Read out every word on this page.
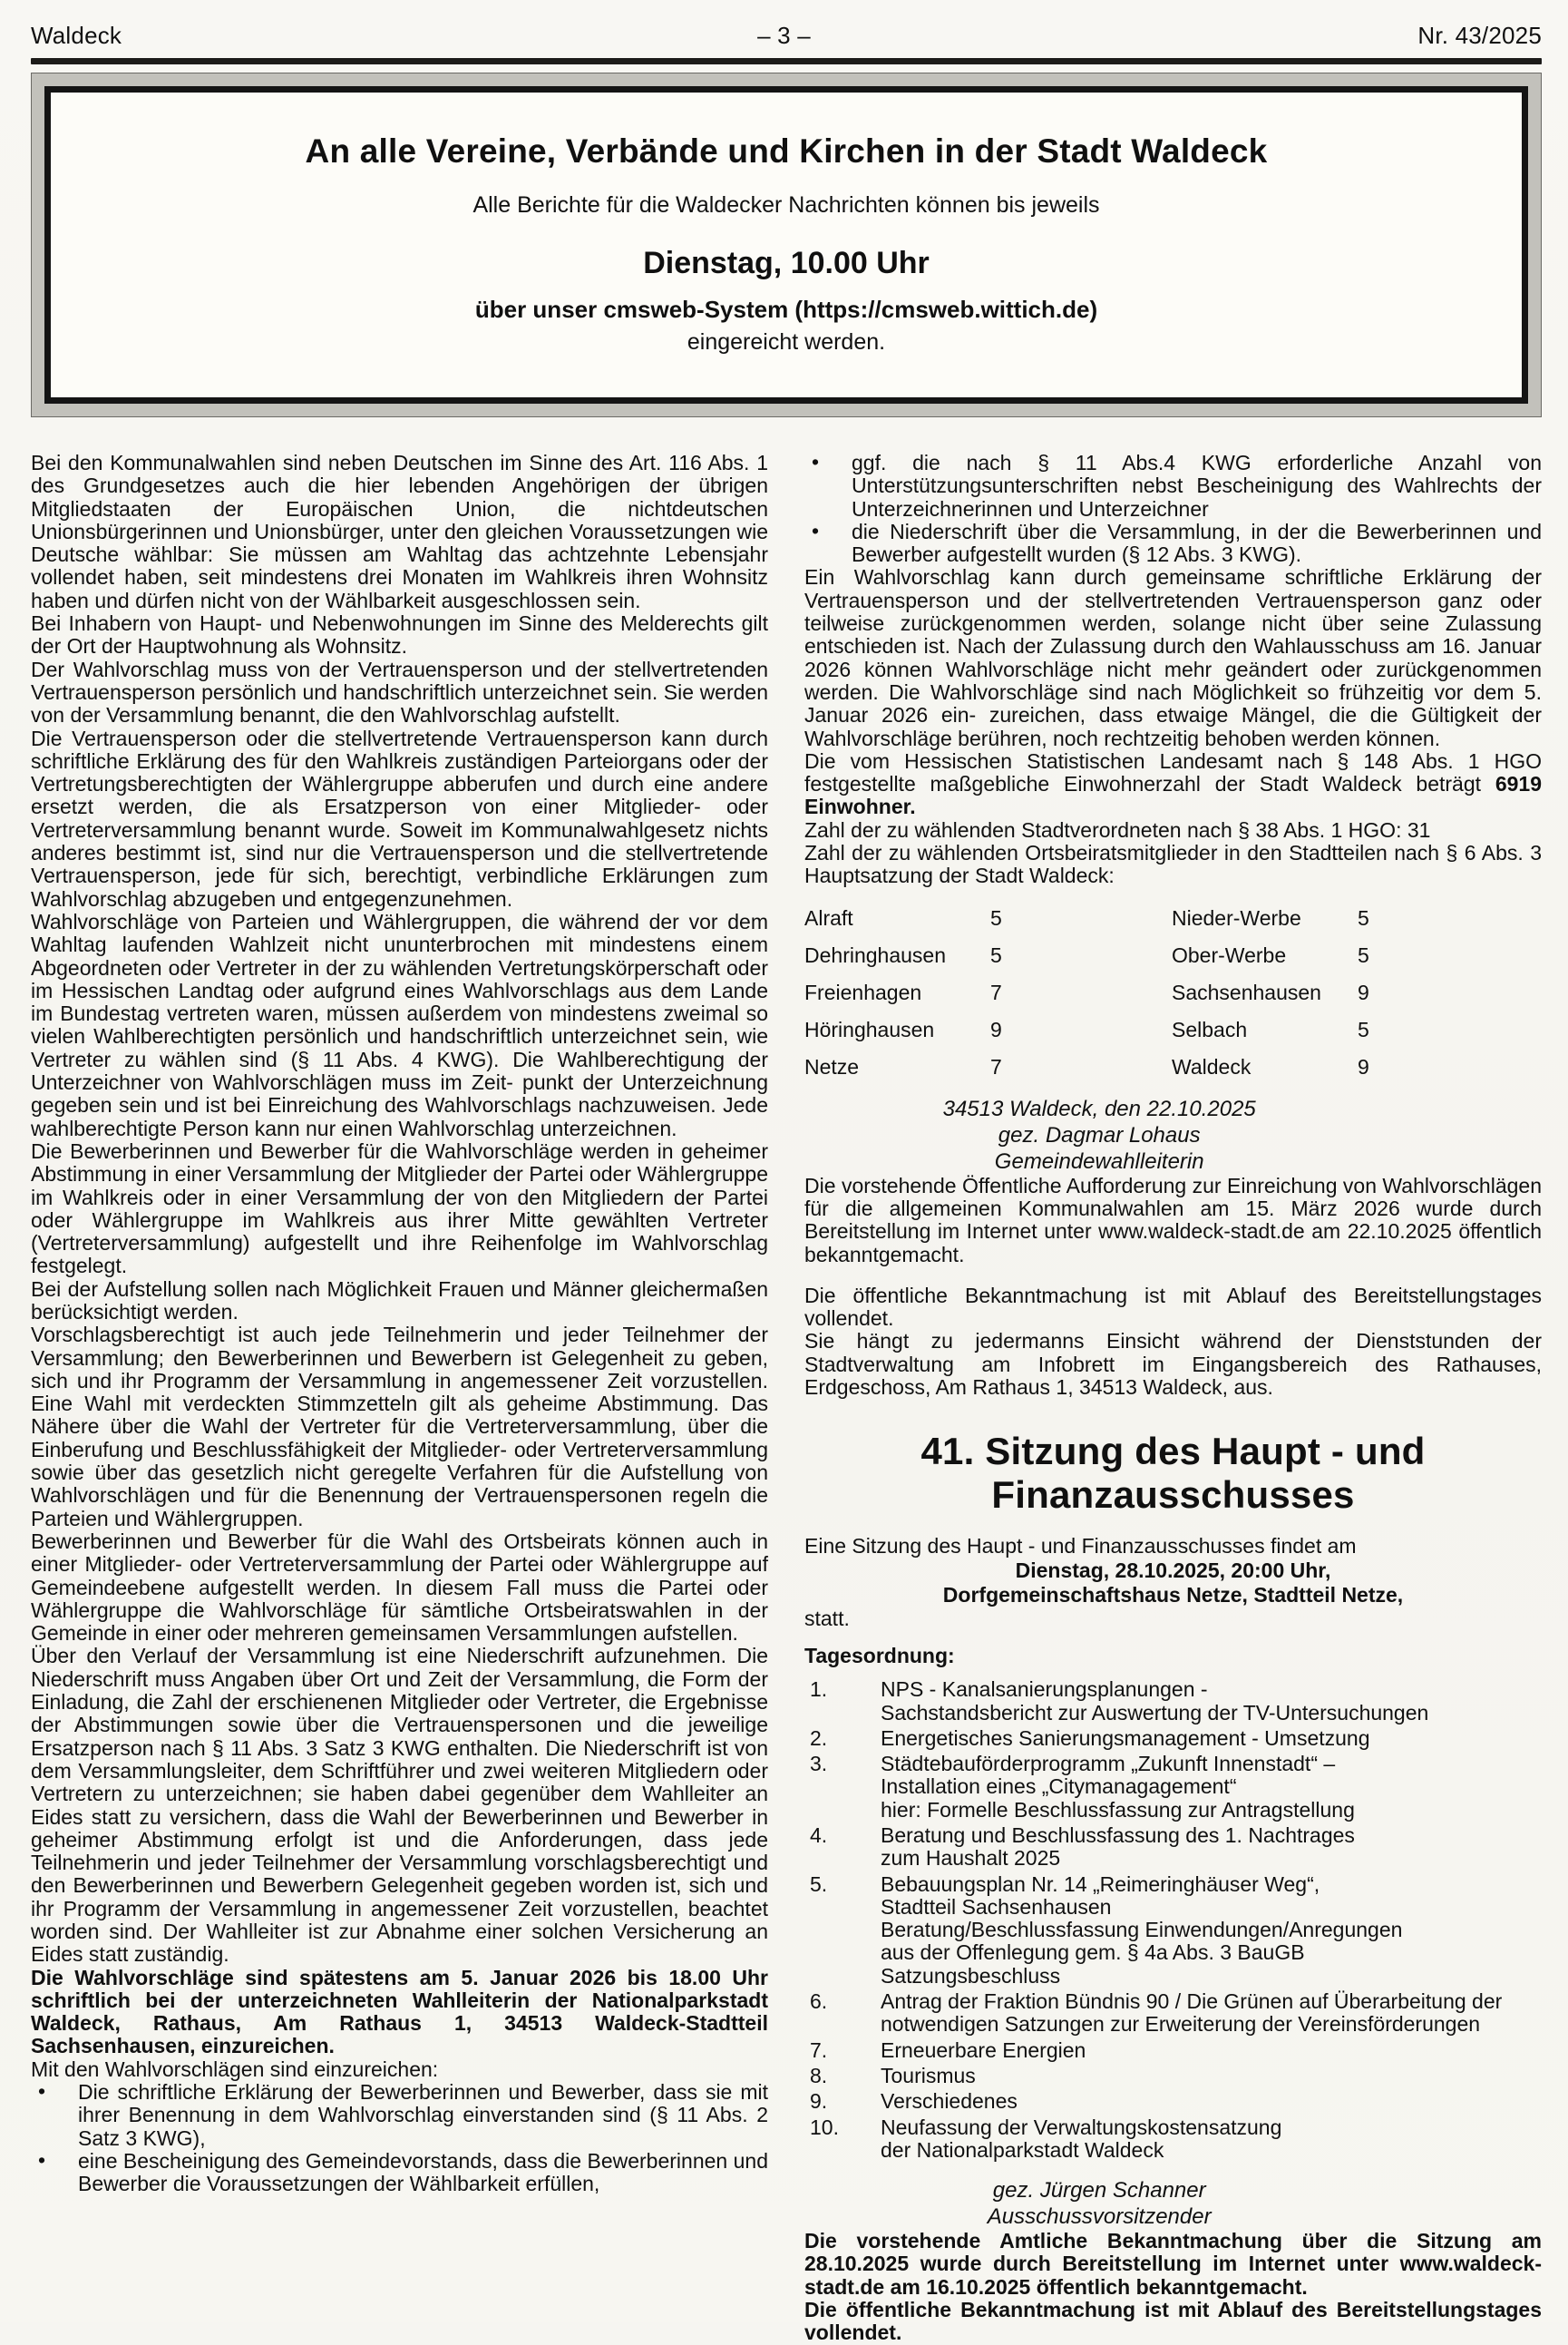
– 3 –
Waldeck	Nr. 43/2025
An alle Vereine, Verbände und Kirchen in der Stadt Waldeck
Alle Berichte für die Waldecker Nachrichten können bis jeweils
Dienstag, 10.00 Uhr
über unser cmsweb-System (https://cmsweb.wittich.de)
eingereicht werden.

Bei den Kommunalwahlen sind neben Deutschen im Sinne des Art. 116 Abs. 1 des Grundgesetzes auch die hier lebenden Angehörigen der übrigen Mitgliedstaaten der Europäischen Union, die nichtdeutschen Unionsbürgerinnen und Unionsbürger, unter den gleichen Voraussetzungen wie Deutsche wählbar: Sie müssen am Wahltag das achtzehnte Lebensjahr vollendet haben, seit mindestens drei Monaten im Wahlkreis ihren Wohnsitz haben und dürfen nicht von der Wählbarkeit ausgeschlossen sein.

Bei Inhabern von Haupt- und Nebenwohnungen im Sinne des Melderechts gilt der Ort der Hauptwohnung als Wohnsitz.

Der Wahlvorschlag muss von der Vertrauensperson und der stellvertretenden Vertrauensperson persönlich und handschriftlich unterzeichnet sein. Sie werden von der Versammlung benannt, die den Wahlvorschlag aufstellt.

Die Vertrauensperson oder die stellvertretende Vertrauensperson kann durch schriftliche Erklärung des für den Wahlkreis zuständigen Parteiorgans oder der Vertretungsberechtigten der Wählergruppe abberufen und durch eine andere ersetzt werden, die als Ersatzperson von einer Mitglieder- oder Vertreterversammlung benannt wurde. Soweit im Kommunalwahlgesetz nichts anderes bestimmt ist, sind nur die Vertrauensperson und die stellvertretende Vertrauensperson, jede für sich, berechtigt, verbindliche Erklärungen zum Wahlvorschlag abzugeben und entgegenzunehmen.

Wahlvorschläge von Parteien und Wählergruppen, die während der vor dem Wahltag laufenden Wahlzeit nicht ununterbrochen mit mindestens einem Abgeordneten oder Vertreter in der zu wählenden Vertretungskörperschaft oder im Hessischen Landtag oder aufgrund eines Wahlvorschlags aus dem Lande im Bundestag vertreten waren, müssen außerdem von mindestens zweimal so vielen Wahlberechtigten persönlich und handschriftlich unterzeichnet sein, wie Vertreter zu wählen sind (§ 11 Abs. 4 KWG). Die Wahlberechtigung der Unterzeichner von Wahlvorschlägen muss im Zeit- punkt der Unterzeichnung gegeben sein und ist bei Einreichung des Wahlvorschlags nachzuweisen. Jede wahlberechtigte Person kann nur einen Wahlvorschlag unterzeichnen.

Die Bewerberinnen und Bewerber für die Wahlvorschläge werden in geheimer Abstimmung in einer Versammlung der Mitglieder der Partei oder Wählergruppe im Wahlkreis oder in einer Versammlung der von den Mitgliedern der Partei oder Wählergruppe im Wahlkreis aus ihrer Mitte gewählten Vertreter (Vertreterversammlung) aufgestellt und ihre Reihenfolge im Wahlvorschlag festgelegt.

Bei der Aufstellung sollen nach Möglichkeit Frauen und Männer gleichermaßen berücksichtigt werden.

Vorschlagsberechtigt ist auch jede Teilnehmerin und jeder Teilnehmer der Versammlung; den Bewerberinnen und Bewerbern ist Gelegenheit zu geben, sich und ihr Programm der Versammlung in angemessener Zeit vorzustellen. Eine Wahl mit verdeckten Stimmzetteln gilt als geheime Abstimmung. Das Nähere über die Wahl der Vertreter für die Vertreterversammlung, über die Einberufung und Beschlussfähigkeit der Mitglieder- oder Vertreterversammlung sowie über das gesetzlich nicht geregelte Verfahren für die Aufstellung von Wahlvorschlägen und für die Benennung der Vertrauenspersonen regeln die Parteien und Wählergruppen.

Bewerberinnen und Bewerber für die Wahl des Ortsbeirats können auch in einer Mitglieder- oder Vertreterversammlung der Partei oder Wählergruppe auf Gemeindeebene aufgestellt werden. In diesem Fall muss die Partei oder Wählergruppe die Wahlvorschläge für sämtliche Ortsbeiratswahlen in der Gemeinde in einer oder mehreren gemeinsamen Versammlungen aufstellen.

Über den Verlauf der Versammlung ist eine Niederschrift aufzunehmen. Die Niederschrift muss Angaben über Ort und Zeit der Versammlung, die Form der Einladung, die Zahl der erschienenen Mitglieder oder Vertreter, die Ergebnisse der Abstimmungen sowie über die Vertrauenspersonen und die jeweilige Ersatzperson nach § 11 Abs. 3 Satz 3 KWG enthalten. Die Niederschrift ist von dem Versammlungsleiter, dem Schriftführer und zwei weiteren Mitgliedern oder Vertretern zu unterzeichnen; sie haben dabei gegenüber dem Wahlleiter an Eides statt zu versichern, dass die Wahl der Bewerberinnen und Bewerber in geheimer Abstimmung erfolgt ist und die Anforderungen, dass jede Teilnehmerin und jeder Teilnehmer der Versammlung vorschlagsberechtigt und den Bewerberinnen und Bewerbern Gelegenheit gegeben worden ist, sich und ihr Programm der Versammlung in angemessener Zeit vorzustellen, beachtet worden sind. Der Wahlleiter ist zur Abnahme einer solchen Versicherung an Eides statt zuständig.

Die Wahlvorschläge sind spätestens am 5. Januar 2026 bis 18.00 Uhr schriftlich bei der unterzeichneten Wahlleiterin der Nationalparkstadt Waldeck, Rathaus, Am Rathaus 1, 34513 Waldeck-Stadtteil Sachsenhausen, einzureichen.

Mit den Wahlvorschlägen sind einzureichen:

• Die schriftliche Erklärung der Bewerberinnen und Bewerber, dass sie mit ihrer Benennung in dem Wahlvorschlag einverstanden sind (§ 11 Abs. 2 Satz 3 KWG),
• eine Bescheinigung des Gemeindevorstands, dass die Bewerberinnen und Bewerber die Voraussetzungen der Wählbarkeit erfüllen,
• ggf. die nach § 11 Abs.4 KWG erforderliche Anzahl von Unterstützungsunterschriften nebst Bescheinigung des Wahlrechts der Unterzeichnerinnen und Unterzeichner
• die Niederschrift über die Versammlung, in der die Bewerberinnen und Bewerber aufgestellt wurden (§ 12 Abs. 3 KWG).

Ein Wahlvorschlag kann durch gemeinsame schriftliche Erklärung der Vertrauensperson und der stellvertretenden Vertrauensperson ganz oder teilweise zurückgenommen werden, solange nicht über seine Zulassung entschieden ist. Nach der Zulassung durch den Wahlausschuss am 16. Januar 2026 können Wahlvorschläge nicht mehr geändert oder zurückgenommen werden. Die Wahlvorschläge sind nach Möglichkeit so frühzeitig vor dem 5. Januar 2026 ein- zureichen, dass etwaige Mängel, die die Gültigkeit der Wahlvorschläge berühren, noch rechtzeitig behoben werden können.

Die vom Hessischen Statistischen Landesamt nach § 148 Abs. 1 HGO festgestellte maßgebliche Einwohnerzahl der Stadt Waldeck beträgt 6919 Einwohner.

Zahl der zu wählenden Stadtverordneten nach § 38 Abs. 1 HGO: 31

Zahl der zu wählenden Ortsbeiratsmitglieder in den Stadtteilen nach § 6 Abs. 3 Hauptsatzung der Stadt Waldeck:

Alraft	5	Nieder-Werbe	5
Dehringhausen	5	Ober-Werbe	5
Freienhagen	7	Sachsenhausen	9
Höringhausen	9	Selbach	5
Netze	7	Waldeck	9
34513 Waldeck, den 22.10.2025
gez. Dagmar Lohaus
Gemeindewahlleiterin

Die vorstehende Öffentliche Aufforderung zur Einreichung von Wahlvorschlägen für die allgemeinen Kommunalwahlen am 15. März 2026 wurde durch Bereitstellung im Internet unter www.waldeck-stadt.de am 22.10.2025 öffentlich bekanntgemacht.

Die öffentliche Bekanntmachung ist mit Ablauf des Bereitstellungstages vollendet.

Sie hängt zu jedermanns Einsicht während der Dienststunden der Stadtverwaltung am Infobrett im Eingangsbereich des Rathauses, Erdgeschoss, Am Rathaus 1, 34513 Waldeck, aus.

41. Sitzung des Haupt - und
Finanzausschusses

Eine Sitzung des Haupt - und Finanzausschusses findet am

Dienstag, 28.10.2025, 20:00 Uhr,
Dorfgemeinschaftshaus Netze, Stadtteil Netze,

statt.

Tagesordnung:

1.	NPS - Kanalsanierungsplanungen -
Sachstandsbericht zur Auswertung der TV-Untersuchungen
2.	Energetisches Sanierungsmanagement - Umsetzung
3.	Städtebauförderprogramm „Zukunft Innenstadt“ –
Installation eines „Citymanagagement“
hier: Formelle Beschlussfassung zur Antragstellung
4.	Beratung und Beschlussfassung des 1. Nachtrages
zum Haushalt 2025
5.	Bebauungsplan Nr. 14 „Reimeringhäuser Weg“,
Stadtteil Sachsenhausen
Beratung/Beschlussfassung Einwendungen/Anregungen
aus der Offenlegung gem. § 4a Abs. 3 BauGB
Satzungsbeschluss
6.	Antrag der Fraktion Bündnis 90 / Die Grünen auf Überarbeitung der
notwendigen Satzungen zur Erweiterung der Vereinsförderungen
7.	Erneuerbare Energien
8.	Tourismus
9.	Verschiedenes
10.	Neufassung der Verwaltungskostensatzung
der Nationalparkstadt Waldeck
gez. Jürgen Schanner
Ausschussvorsitzender

Die vorstehende Amtliche Bekanntmachung über die Sitzung am 28.10.2025 wurde durch Bereitstellung im Internet unter www.waldeck-stadt.de am 16.10.2025 öffentlich bekanntgemacht.

Die öffentliche Bekanntmachung ist mit Ablauf des Bereitstellungstages vollendet.
